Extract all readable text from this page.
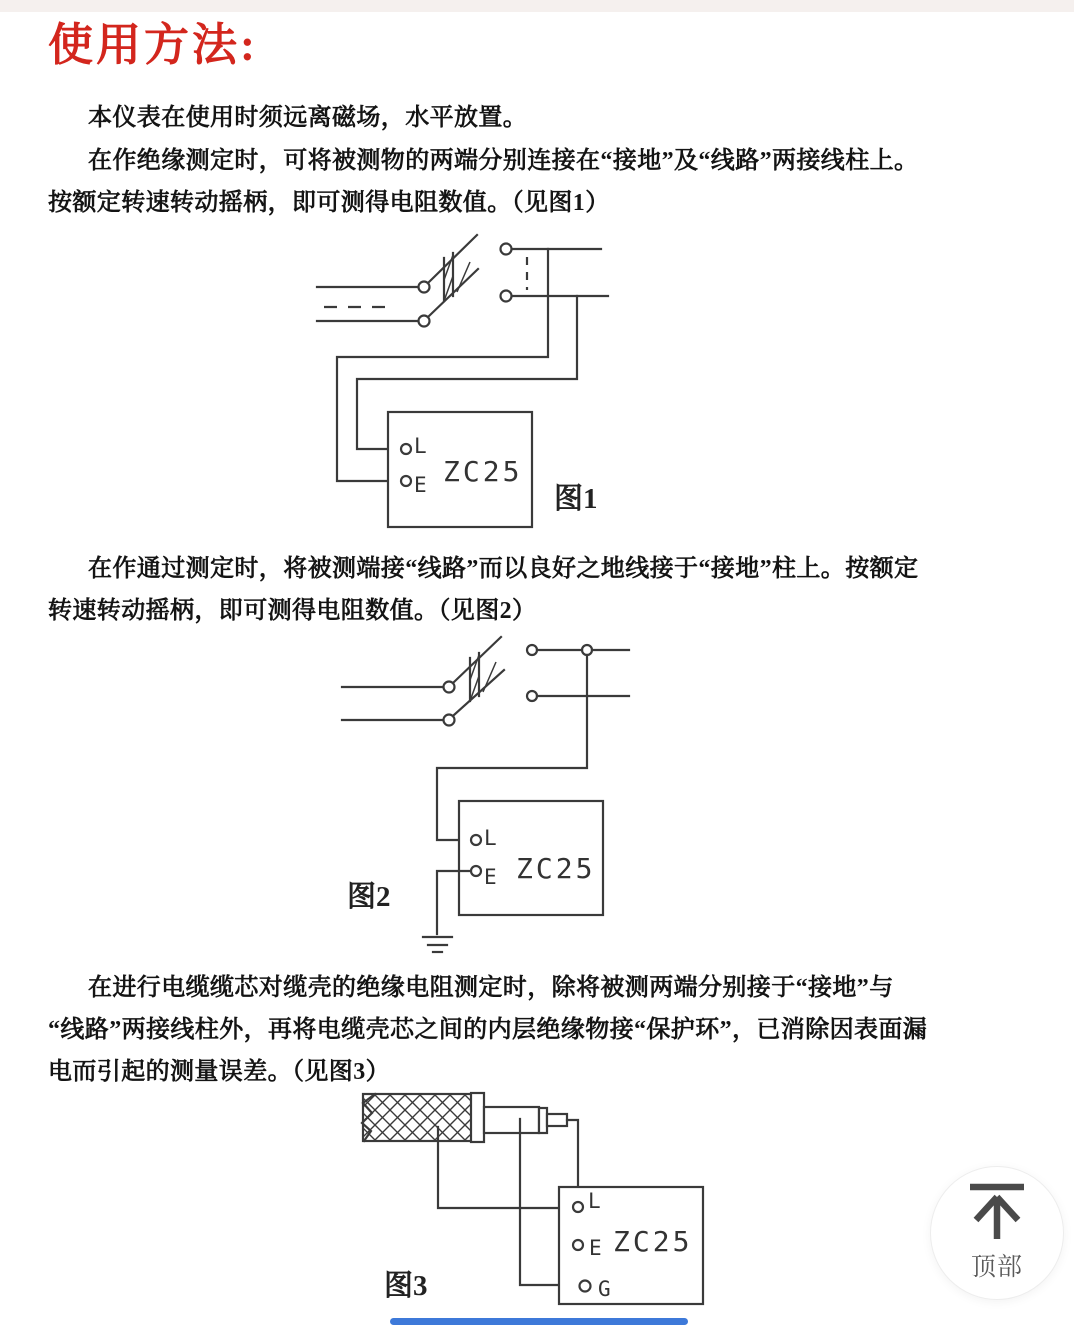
使用方法:
本仪表在使用时须远离磁场，水平放置。
在作绝缘测定时，可将被测物的两端分别连接在“接地”及“线路”两接线柱上。
按额定转速转动摇柄，即可测得电阻数值。（见图1）
在作通过测定时，将被测端接“线路”而以良好之地线接于“接地”柱上。按额定
转速转动摇柄，即可测得电阻数值。（见图2）
在进行电缆缆芯对缆壳的绝缘电阻测定时，除将被测两端分别接于“接地”与
“线路”两接线柱外，再将电缆壳芯之间的内层绝缘物接“保护环”，已消除因表面漏
电而引起的测量误差。（见图3）
L
E ZC25
图1
L
E ZC25
图2
L
E
G
ZC25
图3
顶部
